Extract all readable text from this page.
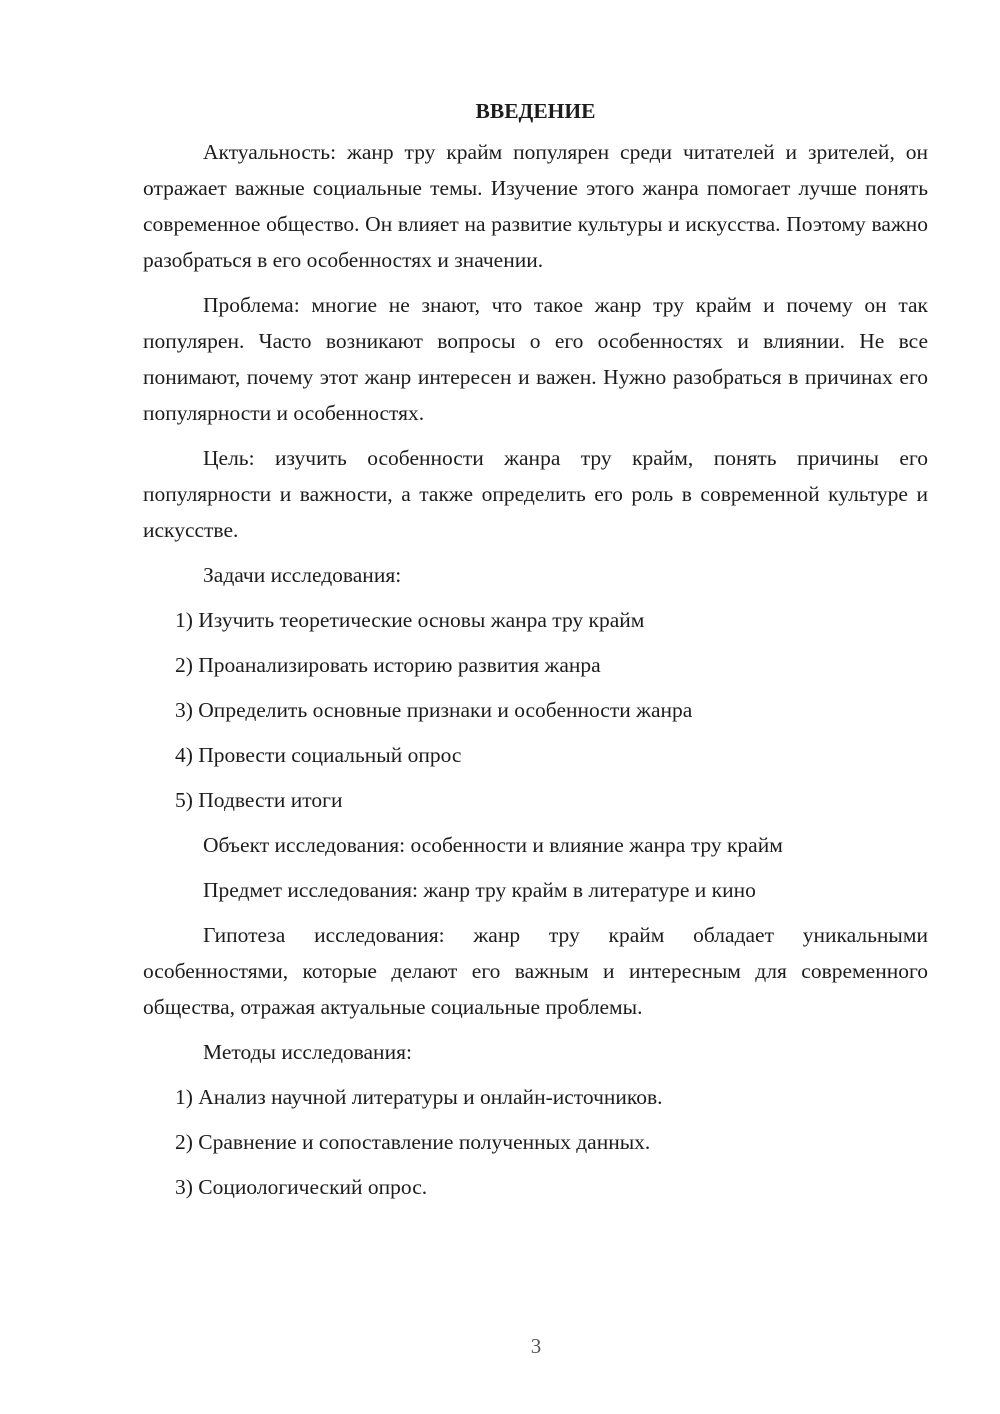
ВВЕДЕНИЕ

Актуальность: жанр тру крайм популярен среди читателей и зрителей, он отражает важные социальные темы. Изучение этого жанра помогает лучше понять современное общество. Он влияет на развитие культуры и искусства. Поэтому важно разобраться в его особенностях и значении.

Проблема: многие не знают, что такое жанр тру крайм и почему он так популярен. Часто возникают вопросы о его особенностях и влиянии. Не все понимают, почему этот жанр интересен и важен. Нужно разобраться в причинах его популярности и особенностях.

Цель: изучить особенности жанра тру крайм, понять причины его популярности и важности, а также определить его роль в современной культуре и искусстве.

Задачи исследования:

1) Изучить теоретические основы жанра тру крайм

2) Проанализировать историю развития жанра

3) Определить основные признаки и особенности жанра

4) Провести социальный опрос

5) Подвести итоги

Объект исследования: особенности и влияние жанра тру крайм

Предмет исследования: жанр тру крайм в литературе и кино

Гипотеза исследования: жанр тру крайм обладает уникальными особенностями, которые делают его важным и интересным для современного общества, отражая актуальные социальные проблемы.

Методы исследования:

1) Анализ научной литературы и онлайн-источников.

2) Сравнение и сопоставление полученных данных.

3) Социологический опрос.

3
